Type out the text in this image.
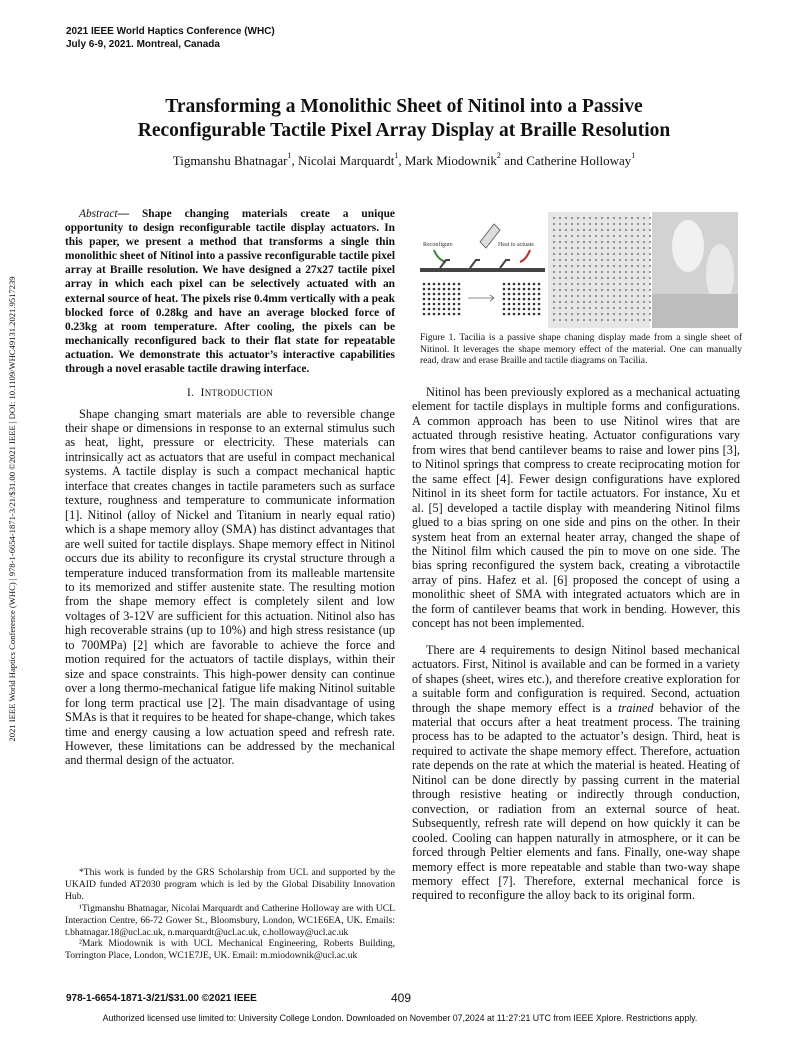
2021 IEEE World Haptics Conference (WHC)
July 6-9, 2021. Montreal, Canada
2021 IEEE World Haptics Conference (WHC) | 978-1-6654-1871-3/21/$31.00 ©2021 IEEE | DOI: 10.1109/WHC49131.2021.9517239
Transforming a Monolithic Sheet of Nitinol into a Passive
Reconfigurable Tactile Pixel Array Display at Braille Resolution
Tigmanshu Bhatnagar$^1$, Nicolai Marquardt$^1$, Mark Miodownik$^2$ and Catherine Holloway$^1$

Abstract— Shape changing materials create a unique opportunity to design reconfigurable tactile display actuators. In this paper, we present a method that transforms a single thin monolithic sheet of Nitinol into a passive reconfigurable tactile pixel array at Braille resolution. We have designed a 27x27 tactile pixel array in which each pixel can be selectively actuated with an external source of heat. The pixels rise 0.4mm vertically with a peak blocked force of 0.28kg and have an average blocked force of 0.23kg at room temperature. After cooling, the pixels can be mechanically reconfigured back to their flat state for repeatable actuation. We demonstrate this actuator’s interactive capabilities through a novel erasable tactile drawing interface.

I. INTRODUCTION

Shape changing smart materials are able to reversible change their shape or dimensions in response to an external stimulus such as heat, light, pressure or electricity. These materials can intrinsically act as actuators that are useful in compact mechanical systems. A tactile display is such a compact mechanical haptic interface that creates changes in tactile parameters such as surface texture, roughness and temperature to communicate information [1]. Nitinol (alloy of Nickel and Titanium in nearly equal ratio) which is a shape memory alloy (SMA) has distinct advantages that are well suited for tactile displays. Shape memory effect in Nitinol occurs due its ability to reconfigure its crystal structure through a temperature induced transformation from its malleable martensite to its memorized and stiffer austenite state. The resulting motion from the shape memory effect is completely silent and low voltages of 3-12V are sufficient for this actuation. Nitinol also has high recoverable strains (up to 10%) and high stress resistance (up to 700MPa) [2] which are favorable to achieve the force and motion required for the actuators of tactile displays, within their size and space constraints. This high-power density can continue over a long thermo-mechanical fatigue life making Nitinol suitable for long term practical use [2]. The main disadvantage of using SMAs is that it requires to be heated for shape-change, which takes time and energy causing a low actuation speed and refresh rate. However, these limitations can be addressed by the mechanical and thermal design of the actuator.

*This work is funded by the GRS Scholarship from UCL and supported by the UKAID funded AT2030 program which is led by the Global Disability Innovation Hub.

¹Tigmanshu Bhatnagar, Nicolai Marquardt and Catherine Holloway are with UCL Interaction Centre, 66-72 Gower St., Bloomsbury, London, WC1E6EA, UK. Emails: t.bhatnagar.18@ucl.ac.uk, n.marquardt@ucl.ac.uk, c.holloway@ucl.ac.uk

²Mark Miodownik is with UCL Mechanical Engineering, Roberts Building, Torrington Place, London, WC1E7JE, UK. Email: m.miodownik@ucl.ac.uk

Reconfigure	Heat to actuate
Figure 1. Tacilia is a passive shape chaning display made from a single sheet of Nitinol. It leverages the shape memory effect of the material. One can manually read, draw and erase Braille and tactile diagrams on Tacilia.

Nitinol has been previously explored as a mechanical actuating element for tactile displays in multiple forms and configurations. A common approach has been to use Nitinol wires that are actuated through resistive heating. Actuator configurations vary from wires that bend cantilever beams to raise and lower pins [3], to Nitinol springs that compress to create reciprocating motion for the same effect [4]. Fewer design configurations have explored Nitinol in its sheet form for tactile actuators. For instance, Xu et al. [5] developed a tactile display with meandering Nitinol films glued to a bias spring on one side and pins on the other. In their system heat from an external heater array, changed the shape of the Nitinol film which caused the pin to move on one side. The bias spring reconfigured the system back, creating a vibrotactile array of pins. Hafez et al. [6] proposed the concept of using a monolithic sheet of SMA with integrated actuators which are in the form of cantilever beams that work in bending. However, this concept has not been implemented.

There are 4 requirements to design Nitinol based mechanical actuators. First, Nitinol is available and can be formed in a variety of shapes (sheet, wires etc.), and therefore creative exploration for a suitable form and configuration is required. Second, actuation through the shape memory effect is a trained behavior of the material that occurs after a heat treatment process. The training process has to be adapted to the actuator’s design. Third, heat is required to activate the shape memory effect. Therefore, actuation rate depends on the rate at which the material is heated. Heating of Nitinol can be done directly by passing current in the material through resistive heating or indirectly through conduction, convection, or radiation from an external source of heat. Subsequently, refresh rate will depend on how quickly it can be cooled. Cooling can happen naturally in atmosphere, or it can be forced through Peltier elements and fans. Finally, one-way shape memory effect is more repeatable and stable than two-way shape memory effect [7]. Therefore, external mechanical force is required to reconfigure the alloy back to its original form.

978-1-6654-1871-3/21/$31.00 ©2021 IEEE	409
Authorized licensed use limited to: University College London. Downloaded on November 07,2024 at 11:27:21 UTC from IEEE Xplore. Restrictions apply.
